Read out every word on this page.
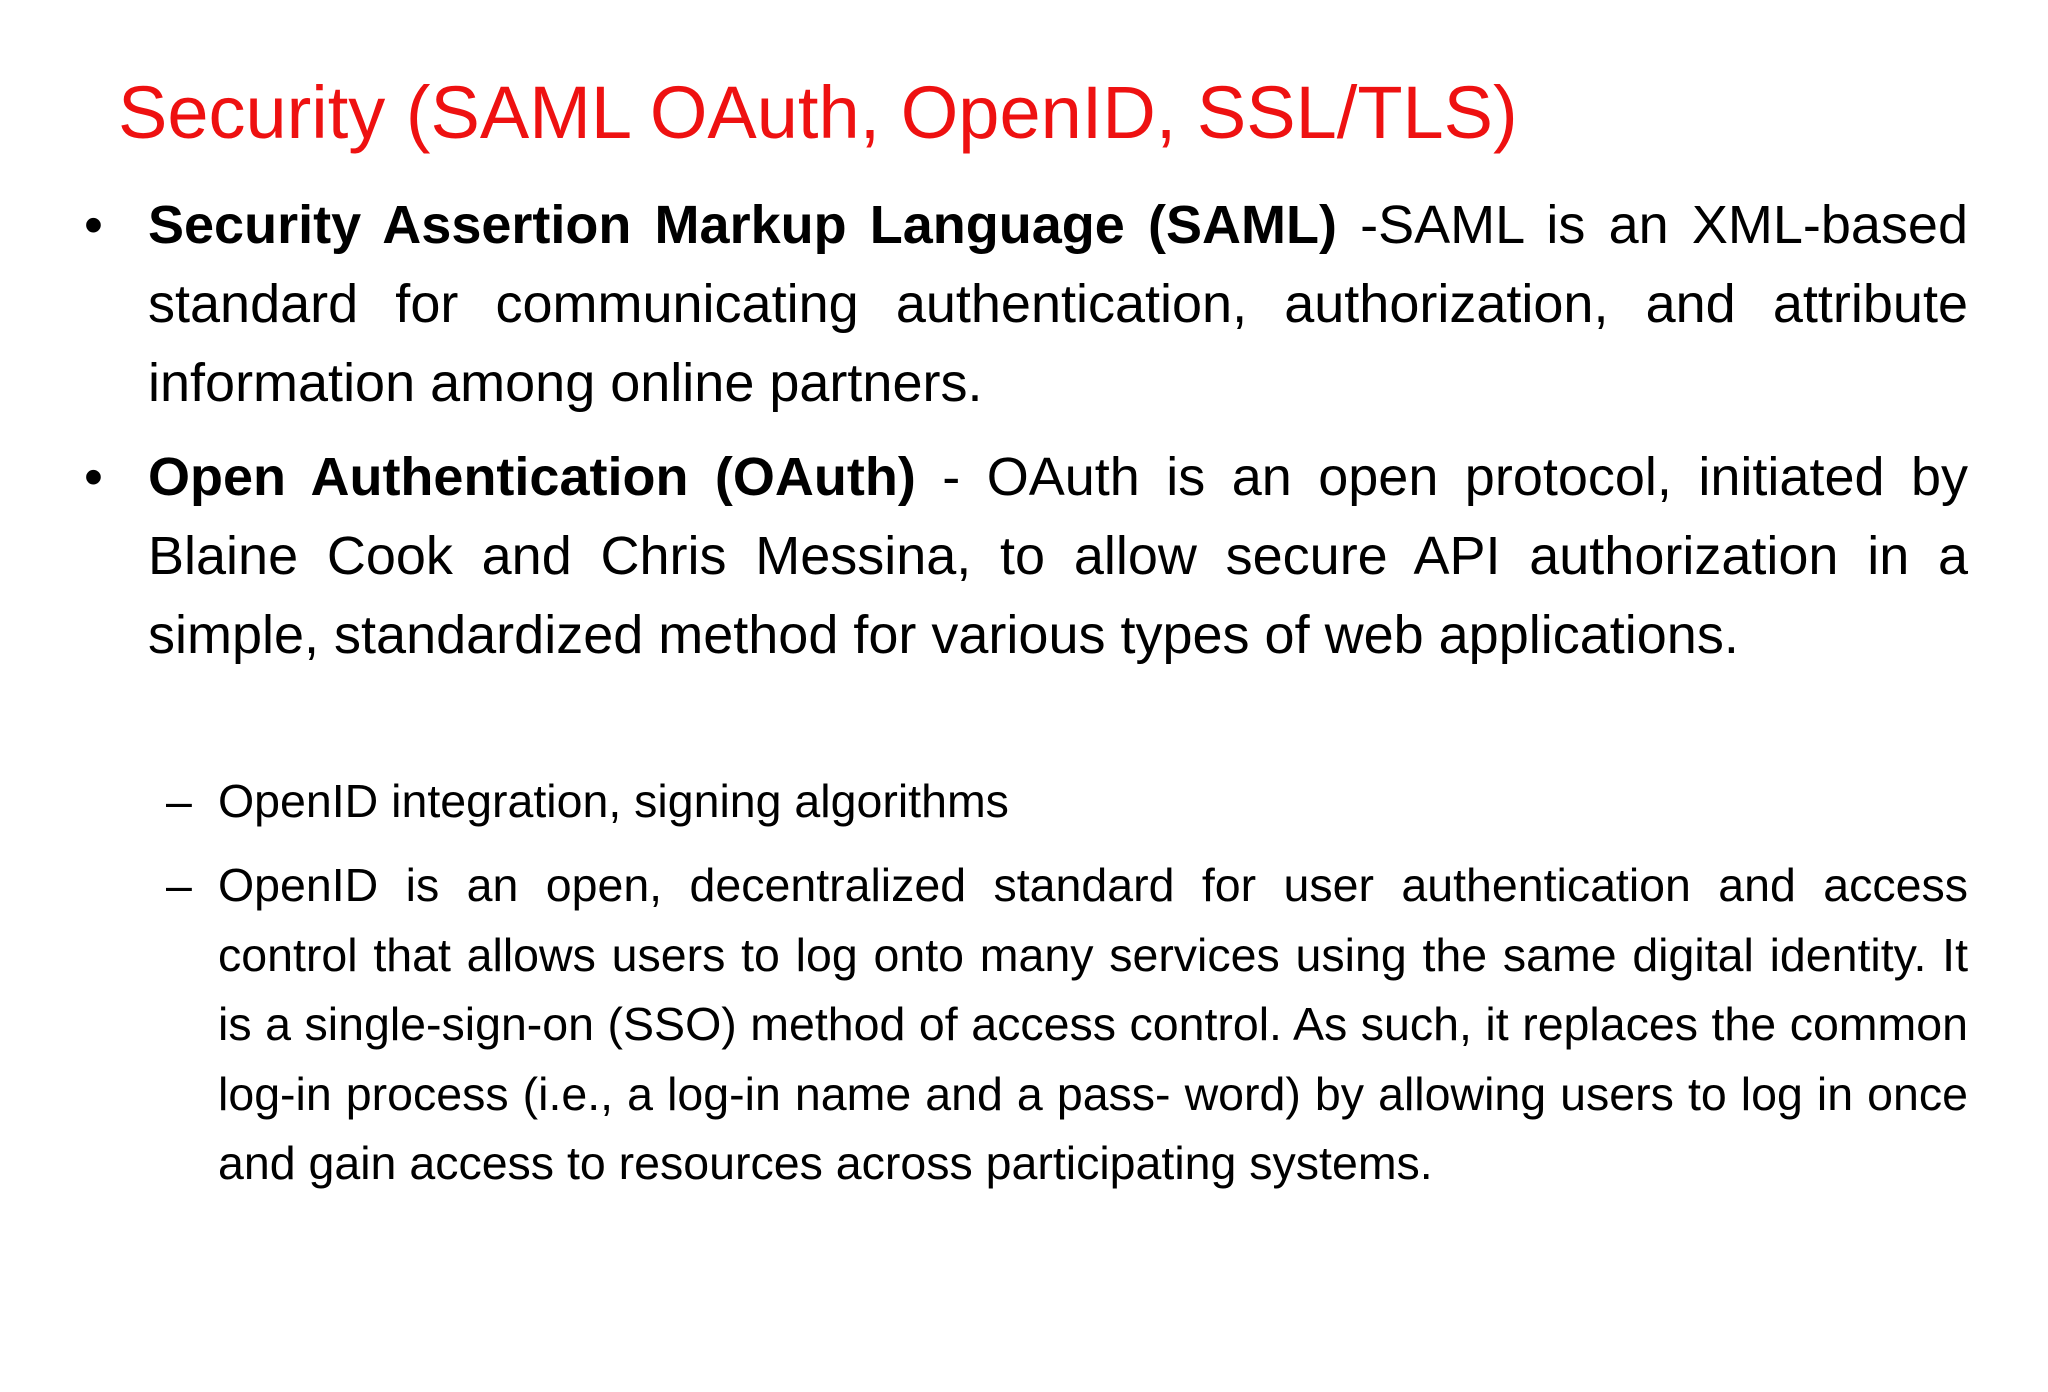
Security (SAML OAuth, OpenID, SSL/TLS)
• Security Assertion Markup Language (SAML) -SAML is an XML-based standard for communicating authentication, authorization, and attribute information among online partners.
• Open Authentication (OAuth) - OAuth is an open protocol, initiated by Blaine Cook and Chris Messina, to allow secure API authorization in a simple, standardized method for various types of web applications.
– OpenID integration, signing algorithms
– OpenID is an open, decentralized standard for user authentication and access control that allows users to log onto many services using the same digital identity. It is a single-sign-on (SSO) method of access control. As such, it replaces the common log-in process (i.e., a log-in name and a pass- word) by allowing users to log in once and gain access to resources across participating systems.
